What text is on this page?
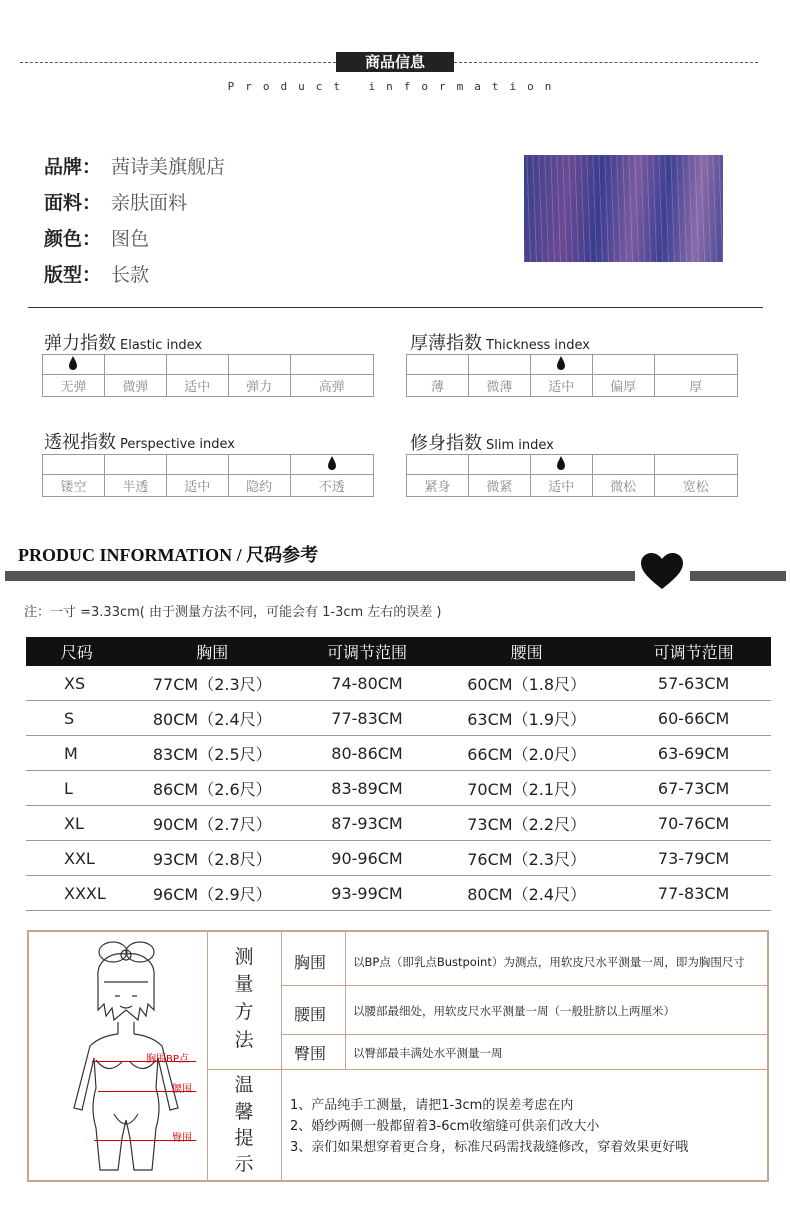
商品信息
Product information
品牌： 茜诗美旗舰店
面料： 亲肤面料
颜色： 图色
版型： 长款
弹力指数 Elastic index

无弹	微弹	适中	弹力	高弹
厚薄指数 Thickness index

薄	微薄	适中	偏厚	厚
透视指数 Perspective index

镂空	半透	适中	隐约	不透
修身指数 Slim index

紧身	微紧	适中	微松	宽松
PRODUC INFORMATION / 尺码参考
注：一寸 =3.33cm( 由于测量方法不同，可能会有 1-3cm 左右的误差 )
尺码	胸围	可调节范围	腰围	可调节范围
XS	77CM（2.3尺）	74-80CM	60CM（1.8尺）	57-63CM
S	80CM（2.4尺）	77-83CM	63CM（1.9尺）	60-66CM
M	83CM（2.5尺）	80-86CM	66CM（2.0尺）	63-69CM
L	86CM（2.6尺）	83-89CM	70CM（2.1尺）	67-73CM
XL	90CM（2.7尺）	87-93CM	73CM（2.2尺）	70-76CM
XXL	93CM（2.8尺）	90-96CM	76CM（2.3尺）	73-79CM
XXXL	96CM（2.9尺）	93-99CM	80CM（2.4尺）	77-83CM
胸围BP点
腰围
臀围
测
量
方
法
温
馨
提
示
胸围 以BP点（即乳点Bustpoint）为测点，用软皮尺水平测量一周，即为胸围尺寸
腰围 以腰部最细处，用软皮尺水平测量一周（一般肚脐以上两厘米）
臀围 以臀部最丰满处水平测量一周
1、产品纯手工测量，请把1-3cm的误差考虑在内
2、婚纱两侧一般都留着3-6cm收缩缝可供亲们改大小
3、亲们如果想穿着更合身，标准尺码需找裁缝修改，穿着效果更好哦
